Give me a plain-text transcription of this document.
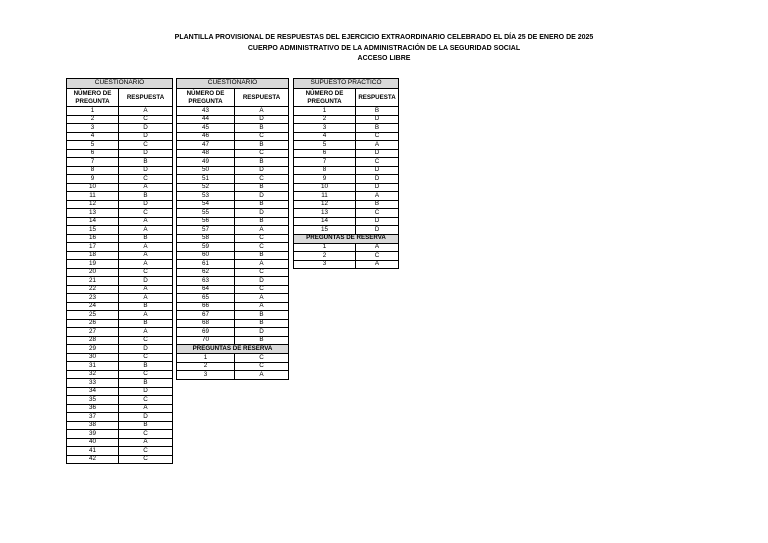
PLANTILLA PROVISIONAL DE RESPUESTAS DEL EJERCICIO EXTRAORDINARIO CELEBRADO EL DÍA 25 DE ENERO DE 2025
CUERPO ADMINISTRATIVO DE LA ADMINISTRACIÓN DE LA SEGURIDAD SOCIAL
ACCESO LIBRE
CUESTIONARIO	
NÚMERO DE PREGUNTA	RESPUESTA
1	A
2	C
3	D
4	D
5	C
6	D
7	B
8	D
9	C
10	A
11	B
12	D
13	C
14	A
15	A
16	B
17	A
18	A
19	A
20	C
21	D
22	A
23	A
24	B
25	A
26	B
27	A
28	C
29	D
30	C
31	B
32	C
33	B
34	D
35	C
36	A
37	D
38	B
39	C
40	A
41	C
42	C
CUESTIONARIO	
NÚMERO DE PREGUNTA	RESPUESTA
43	A
44	D
45	B
46	C
47	B
48	C
49	B
50	D
51	C
52	B
53	D
54	B
55	D
56	B
57	A
58	C
59	C
60	B
61	A
62	C
63	D
64	C
65	A
66	A
67	B
68	B
69	D
70	B
PREGUNTAS DE RESERVA	
1	C
2	C
3	A
SUPUESTO PRÁCTICO	
NÚMERO DE PREGUNTA	RESPUESTA
1	B
2	D
3	B
4	C
5	A
6	D
7	C
8	D
9	D
10	D
11	A
12	B
13	C
14	D
15	D
PREGUNTAS DE RESERVA	
1	A
2	C
3	A
